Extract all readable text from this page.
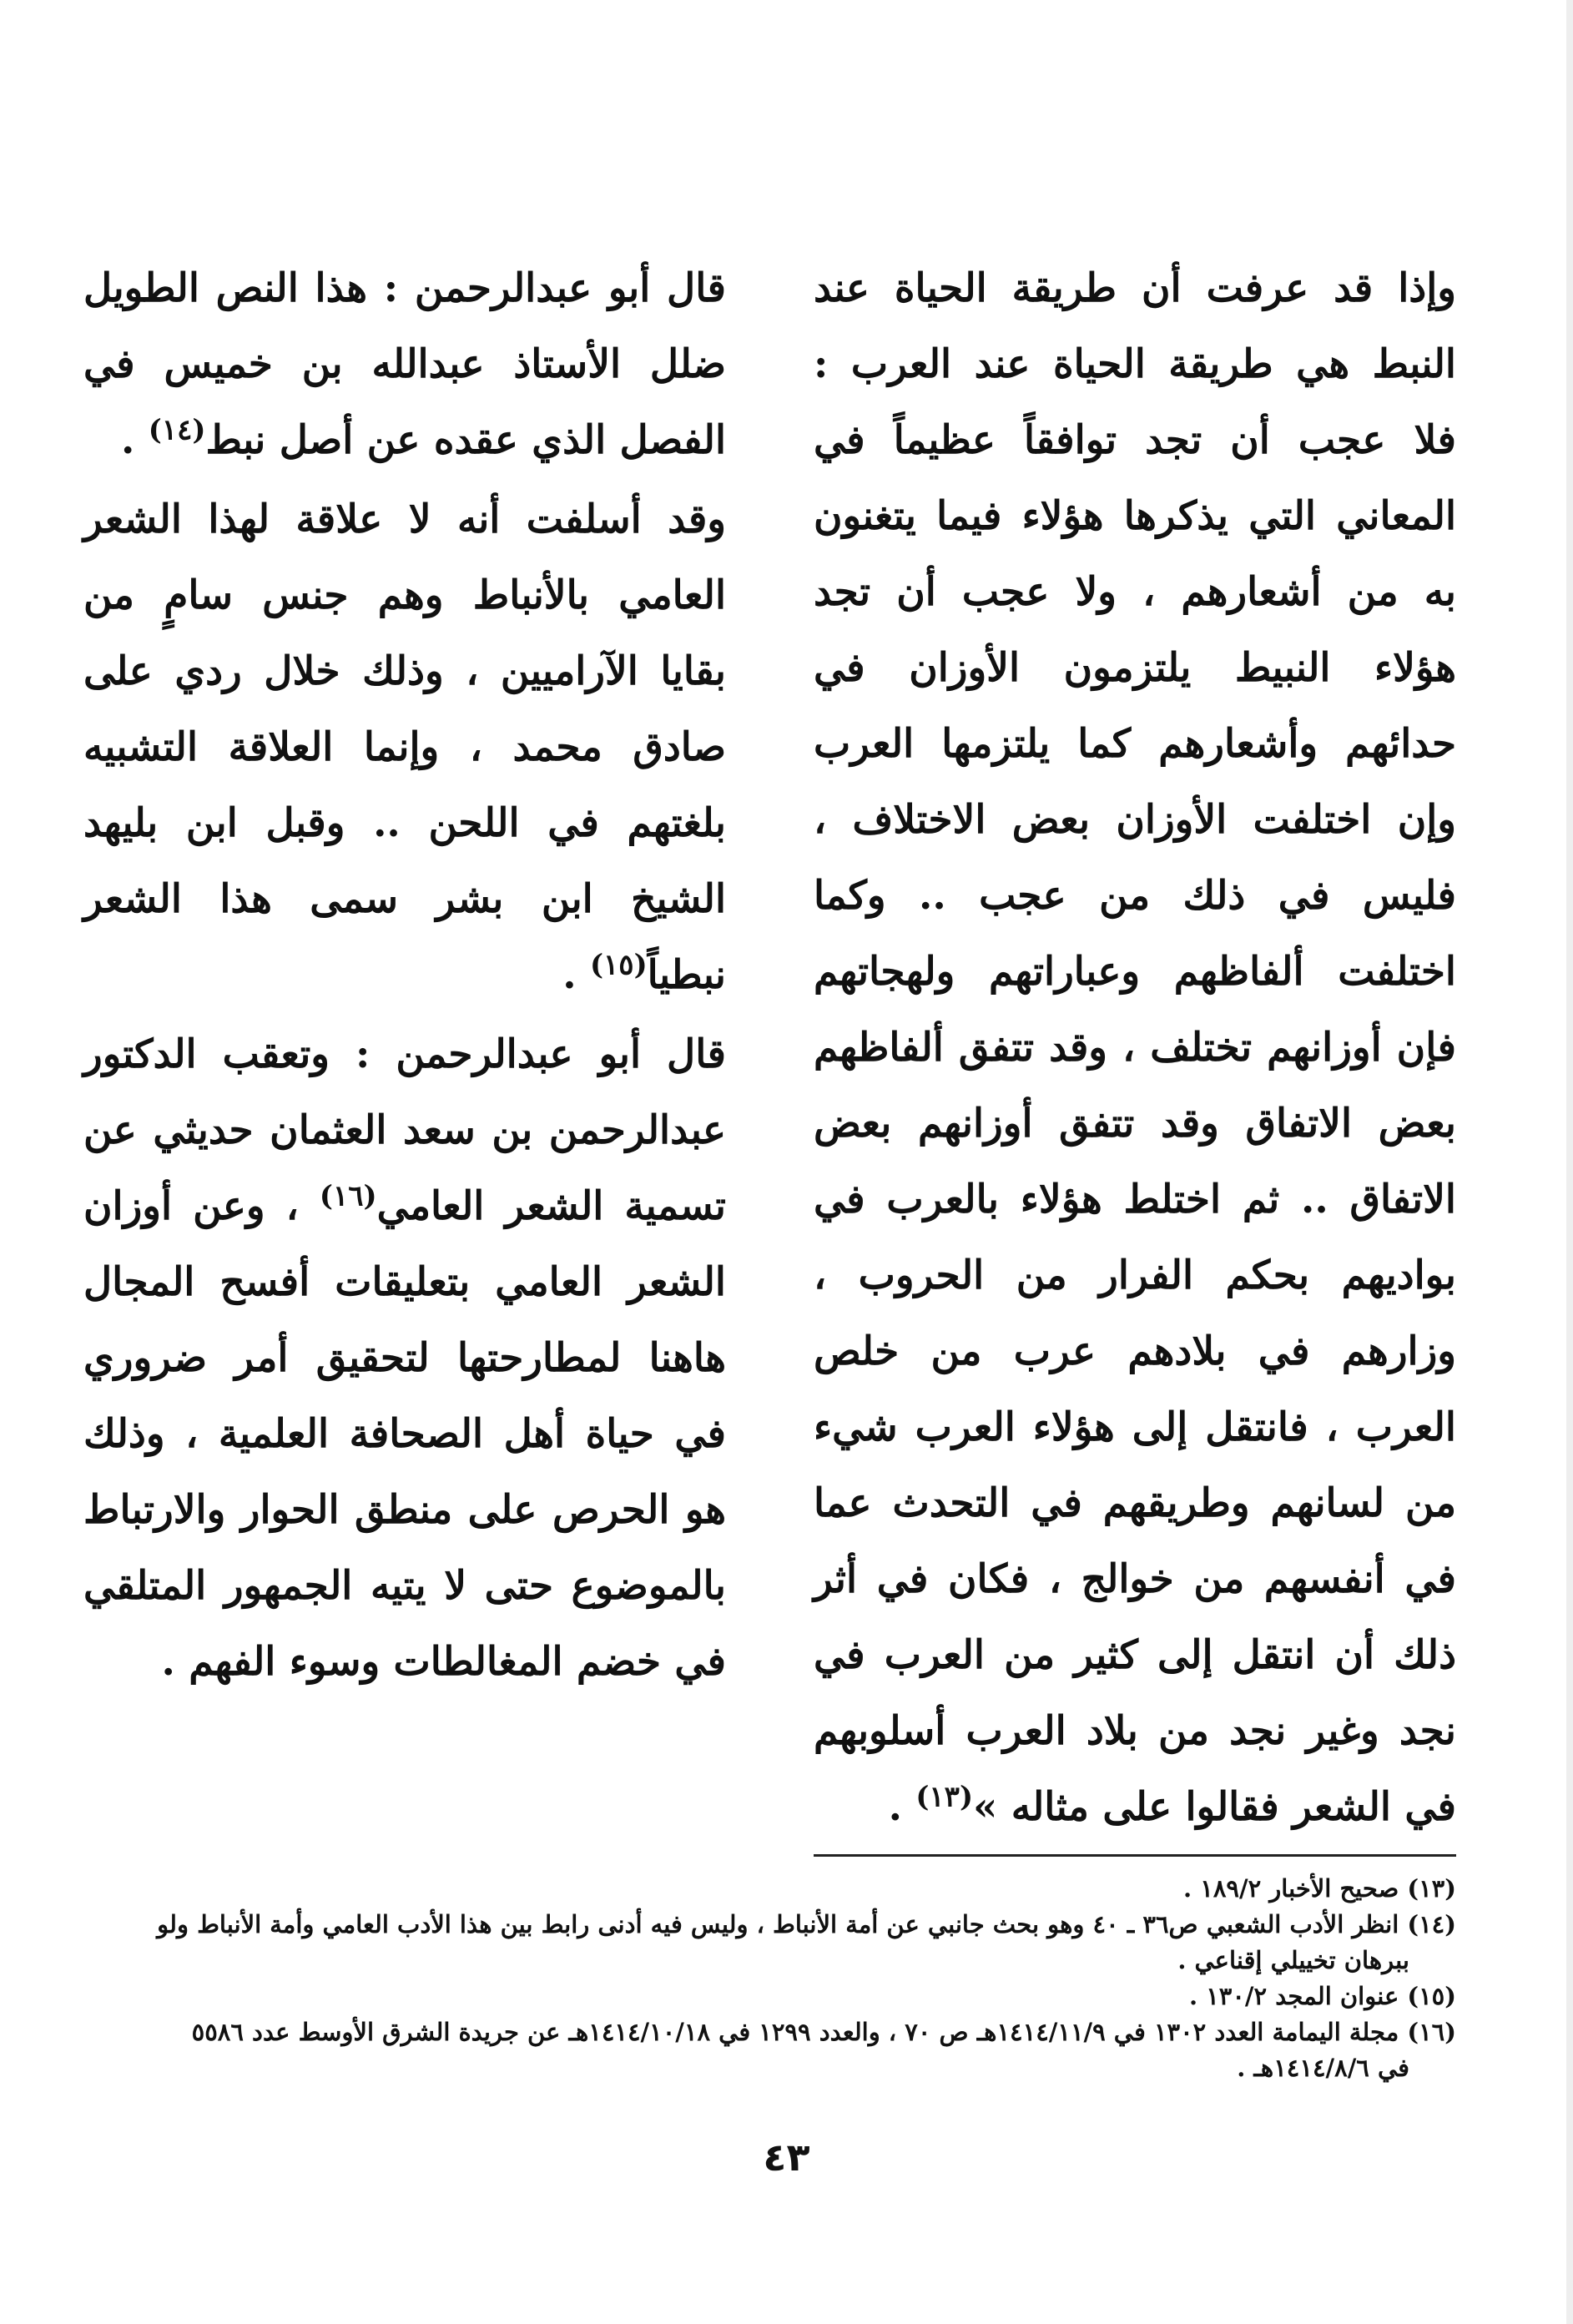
وإذا قد عرفت أن طريقة الحياة عند النبط هي طريقة الحياة عند العرب : فلا عجب أن تجد توافقاً عظيماً في المعاني التي يذكرها هؤلاء فيما يتغنون به من أشعارهم ، ولا عجب أن تجد هؤلاء النبيط يلتزمون الأوزان في حدائهم وأشعارهم كما يلتزمها العرب وإن اختلفت الأوزان بعض الاختلاف ، فليس في ذلك من عجب .. وكما اختلفت ألفاظهم وعباراتهم ولهجاتهم فإن أوزانهم تختلف ، وقد تتفق ألفاظهم بعض الاتفاق وقد تتفق أوزانهم بعض الاتفاق .. ثم اختلط هؤلاء بالعرب في بواديهم بحكم الفرار من الحروب ، وزارهم في بلادهم عرب من خلص العرب ، فانتقل إلى هؤلاء العرب شيء من لسانهم وطريقهم في التحدث عما في أنفسهم من خوالج ، فكان في أثر ذلك أن انتقل إلى كثير من العرب في نجد وغير نجد من بلاد العرب أسلوبهم في الشعر فقالوا على مثاله »$^{(١٣)}$ .

قال أبو عبدالرحمن : هذا النص الطويل ضلل الأستاذ عبدالله بن خميس في الفصل الذي عقده عن أصل نبط$^{(١٤)}$ .

وقد أسلفت أنه لا علاقة لهذا الشعر العامي بالأنباط وهم جنس سامٍ من بقايا الآراميين ، وذلك خلال ردي على صادق محمد ، وإنما العلاقة التشبيه بلغتهم في اللحن .. وقبل ابن بليهد الشيخ ابن بشر سمى هذا الشعر نبطياً$^{(١٥)}$ .

قال أبو عبدالرحمن : وتعقب الدكتور عبدالرحمن بن سعد العثمان حديثي عن تسمية الشعر العامي$^{(١٦)}$ ، وعن أوزان الشعر العامي بتعليقات أفسح المجال هاهنا لمطارحتها لتحقيق أمر ضروري في حياة أهل الصحافة العلمية ، وذلك هو الحرص على منطق الحوار والارتباط بالموضوع حتى لا يتيه الجمهور المتلقي في خضم المغالطات وسوء الفهم .

(١٣) صحيح الأخبار ١٨٩/٢ .
(١٤) انظر الأدب الشعبي ص٣٦ ـ ٤٠ وهو بحث جانبي عن أمة الأنباط ، وليس فيه أدنى رابط بين هذا الأدب العامي وأمة الأنباط ولو
ببرهان تخييلي إقناعي .
(١٥) عنوان المجد ١٣٠/٢ .
(١٦) مجلة اليمامة العدد ١٣٠٢ في ١٤١٤/١١/٩هـ ص ٧٠ ، والعدد ١٢٩٩ في ١٤١٤/١٠/١٨هـ عن جريدة الشرق الأوسط عدد ٥٥٨٦
في ١٤١٤/٨/٦هـ .
٤٣
